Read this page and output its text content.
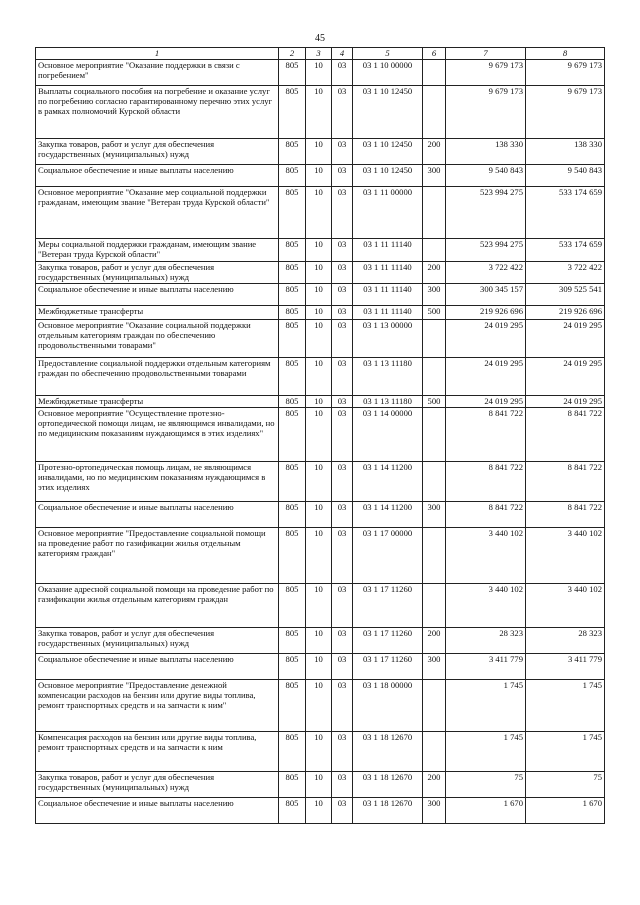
45
1	2	3	4	5	6	7	8
Основное мероприятие "Оказание поддержки в связи с погребением"	805	10	03	03 1 10 00000		9 679 173	9 679 173
Выплаты социального пособия на погребение и оказание услуг по погребению согласно гарантированному перечню этих услуг в рамках полномочий Курской области	805	10	03	03 1 10 12450		9 679 173	9 679 173
Закупка товаров, работ и услуг для обеспечения государственных (муниципальных) нужд	805	10	03	03 1 10 12450	200	138 330	138 330
Социальное обеспечение и иные выплаты населению	805	10	03	03 1 10 12450	300	9 540 843	9 540 843
Основное мероприятие "Оказание мер социальной поддержки гражданам, имеющим звание "Ветеран труда Курской области"	805	10	03	03 1 11 00000		523 994 275	533 174 659
Меры социальной поддержки гражданам, имеющим звание "Ветеран труда Курской области"	805	10	03	03 1 11 11140		523 994 275	533 174 659
Закупка товаров, работ и услуг для обеспечения государственных (муниципальных) нужд	805	10	03	03 1 11 11140	200	3 722 422	3 722 422
Социальное обеспечение и иные выплаты населению	805	10	03	03 1 11 11140	300	300 345 157	309 525 541
Межбюджетные трансферты	805	10	03	03 1 11 11140	500	219 926 696	219 926 696
Основное мероприятие "Оказание социальной поддержки отдельным категориям граждан по обеспечению продовольственными товарами"	805	10	03	03 1 13 00000		24 019 295	24 019 295
Предоставление социальной поддержки отдельным категориям граждан по обеспечению продовольственными товарами	805	10	03	03 1 13 11180		24 019 295	24 019 295
Межбюджетные трансферты	805	10	03	03 1 13 11180	500	24 019 295	24 019 295
Основное мероприятие "Осуществление протезно-ортопедической помощи лицам, не являющимся инвалидами, но по медицинским показаниям нуждающимся в этих изделиях"	805	10	03	03 1 14 00000		8 841 722	8 841 722
Протезно-ортопедическая помощь лицам, не являющимся инвалидами, но по медицинским показаниям нуждающимся в этих изделиях	805	10	03	03 1 14 11200		8 841 722	8 841 722
Социальное обеспечение и иные выплаты населению	805	10	03	03 1 14 11200	300	8 841 722	8 841 722
Основное мероприятие "Предоставление социальной помощи на проведение работ по газификации жилья отдельным категориям граждан"	805	10	03	03 1 17 00000		3 440 102	3 440 102
Оказание адресной социальной помощи на проведение работ по газификации жилья отдельным категориям граждан	805	10	03	03 1 17 11260		3 440 102	3 440 102
Закупка товаров, работ и услуг для обеспечения государственных (муниципальных) нужд	805	10	03	03 1 17 11260	200	28 323	28 323
Социальное обеспечение и иные выплаты населению	805	10	03	03 1 17 11260	300	3 411 779	3 411 779
Основное мероприятие "Предоставление денежной компенсации расходов на бензин или другие виды топлива, ремонт транспортных средств и на запчасти к ним"	805	10	03	03 1 18 00000		1 745	1 745
Компенсация расходов на бензин или другие виды топлива, ремонт транспортных средств и на запчасти к ним	805	10	03	03 1 18 12670		1 745	1 745
Закупка товаров, работ и услуг для обеспечения государственных (муниципальных) нужд	805	10	03	03 1 18 12670	200	75	75
Социальное обеспечение и иные выплаты населению	805	10	03	03 1 18 12670	300	1 670	1 670
